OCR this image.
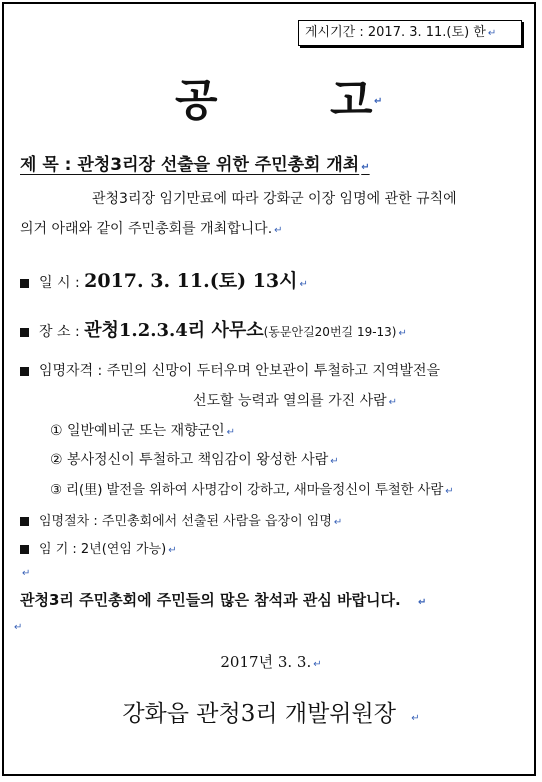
게시기간 : 2017. 3. 11.(토) 한 ↵
공	고 ↵
제 목 : 관청3리장 선출을 위한 주민총회 개최 ↵
관청3리장 임기만료에 따라 강화군 이장 임명에 관한 규칙에
의거 아래와 같이 주민총회를 개최합니다. ↵
일 시 : 2017. 3. 11.(토) 13시 ↵
장 소 : 관청1.2.3.4리 사무소(동문안길20번길 19-13) ↵
임명자격 : 주민의 신망이 두터우며 안보관이 투철하고 지역발전을
선도할 능력과 열의를 가진 사람 ↵
① 일반예비군 또는 재향군인 ↵
② 봉사정신이 투철하고 책임감이 왕성한 사람 ↵
③ 리(里) 발전을 위하여 사명감이 강하고, 새마을정신이 투철한 사람 ↵
임명절차 : 주민총회에서 선출된 사람을 읍장이 임명 ↵
임 기 : 2년(연임 가능) ↵
↵
관청3리 주민총회에 주민들의 많은 참석과 관심 바랍니다. ↵
↵
2017년 3. 3. ↵
강화읍 관청3리 개발위원장 ↵
